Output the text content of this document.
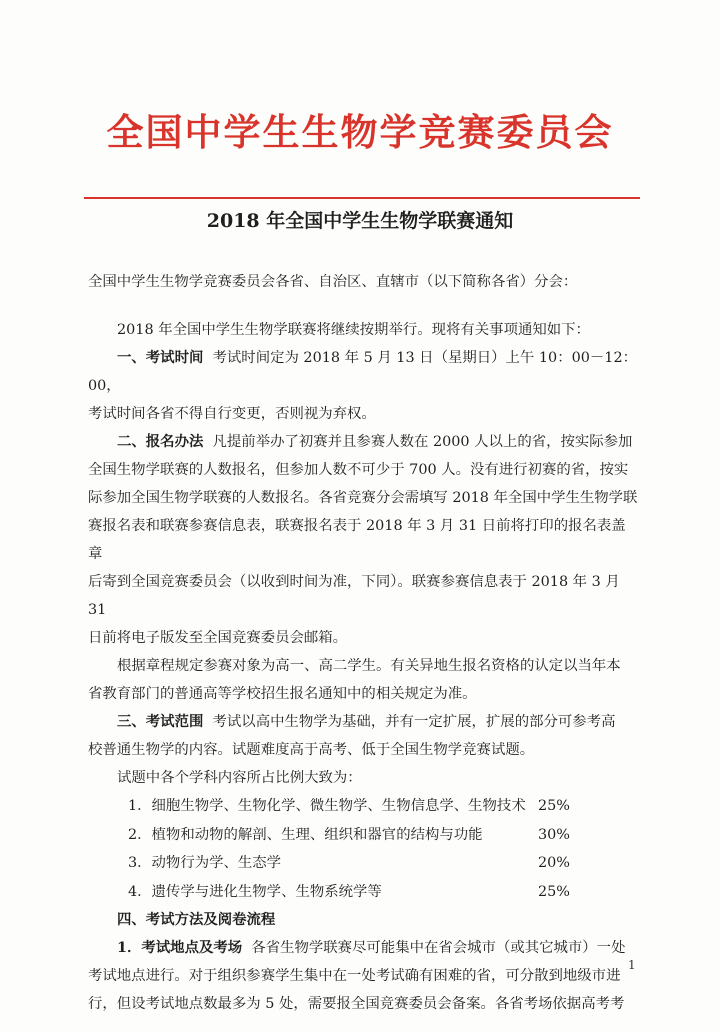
全国中学生生物学竞赛委员会
2018 年全国中学生生物学联赛通知

全国中学生生物学竞赛委员会各省、自治区、直辖市（以下简称各省）分会：

2018 年全国中学生生物学联赛将继续按期举行。现将有关事项通知如下：

一、考试时间 考试时间定为 2018 年 5 月 13 日（星期日）上午 10：00－12：00，

考试时间各省不得自行变更，否则视为弃权。

二、报名办法 凡提前举办了初赛并且参赛人数在 2000 人以上的省，按实际参加

全国生物学联赛的人数报名，但参加人数不可少于 700 人。没有进行初赛的省，按实

际参加全国生物学联赛的人数报名。各省竞赛分会需填写 2018 年全国中学生生物学联

赛报名表和联赛参赛信息表，联赛报名表于 2018 年 3 月 31 日前将打印的报名表盖章

后寄到全国竞赛委员会（以收到时间为准，下同）。联赛参赛信息表于 2018 年 3 月 31

日前将电子版发至全国竞赛委员会邮箱。

根据章程规定参赛对象为高一、高二学生。有关异地生报名资格的认定以当年本

省教育部门的普通高等学校招生报名通知中的相关规定为准。

三、考试范围 考试以高中生物学为基础，并有一定扩展，扩展的部分可参考高

校普通生物学的内容。试题难度高于高考、低于全国生物学竞赛试题。

试题中各个学科内容所占比例大致为：

1．细胞生物学、生物化学、微生物学、生物信息学、生物技术 25%
2．植物和动物的解剖、生理、组织和器官的结构与功能	30%
3．动物行为学、生态学	20%
4．遗传学与进化生物学、生物系统学等	25%

四、考试方法及阅卷流程

1．考试地点及考场 各省生物学联赛尽可能集中在省会城市（或其它城市）一处

考试地点进行。对于组织参赛学生集中在一处考试确有困难的省，可分散到地级市进

行，但设考试地点数最多为 5 处，需要报全国竞赛委员会备案。各省考场依据高考考

1
